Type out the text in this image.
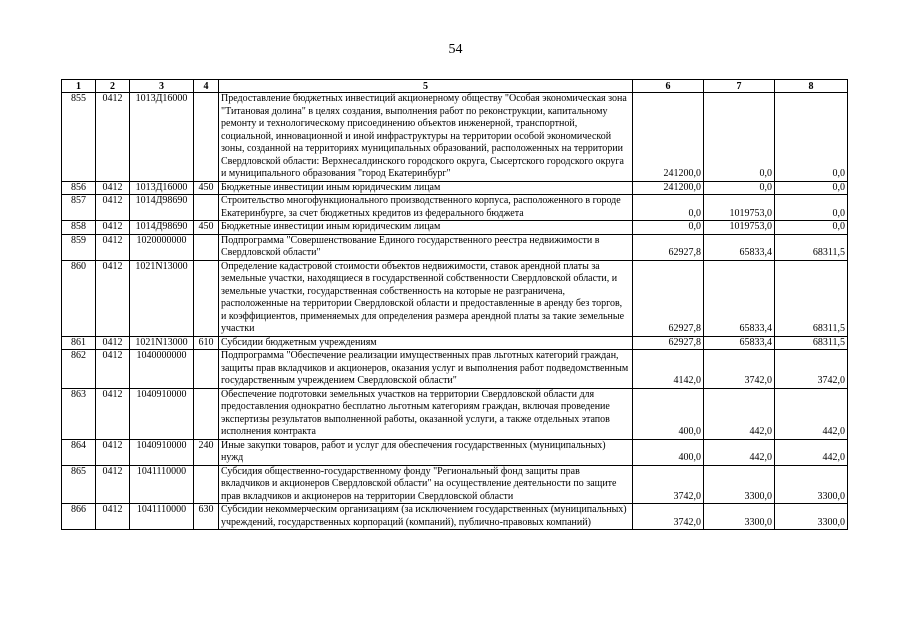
54
1	2	3	4	5	6	7	8
855	0412	1013Д16000		Предоставление бюджетных инвестиций акционерному обществу "Особая экономическая зона "Титановая долина" в целях создания, выполнения работ по реконструкции, капитальному ремонту и технологическому присоединению объектов инженерной, транспортной, социальной, инновационной и иной инфраструктуры на территории особой экономической зоны, созданной на территориях муниципальных образований, расположенных на территории Свердловской области: Верхнесалдинского городского округа, Сысертского городского округа и муниципального образования "город Екатеринбург"	241200,0	0,0	0,0
856	0412	1013Д16000	450	Бюджетные инвестиции иным юридическим лицам	241200,0	0,0	0,0
857	0412	1014Д98690		Строительство многофункционального производственного корпуса, расположенного в городе Екатеринбурге, за счет бюджетных кредитов из федерального бюджета	0,0	1019753,0	0,0
858	0412	1014Д98690	450	Бюджетные инвестиции иным юридическим лицам	0,0	1019753,0	0,0
859	0412	1020000000		Подпрограмма "Совершенствование Единого государственного реестра недвижимости в Свердловской области"	62927,8	65833,4	68311,5
860	0412	1021N13000		Определение кадастровой стоимости объектов недвижимости, ставок арендной платы за земельные участки, находящиеся в государственной собственности Свердловской области, и земельные участки, государственная собственность на которые не разграничена, расположенные на территории Свердловской области и предоставленные в аренду без торгов, и коэффициентов, применяемых для определения размера арендной платы за такие земельные участки	62927,8	65833,4	68311,5
861	0412	1021N13000	610	Субсидии бюджетным учреждениям	62927,8	65833,4	68311,5
862	0412	1040000000		Подпрограмма "Обеспечение реализации имущественных прав льготных категорий граждан, защиты прав вкладчиков и акционеров, оказания услуг и выполнения работ подведомственным государственным учреждением Свердловской области"	4142,0	3742,0	3742,0
863	0412	1040910000		Обеспечение подготовки земельных участков на территории Свердловской области для предоставления однократно бесплатно льготным категориям граждан, включая проведение экспертизы результатов выполненной работы, оказанной услуги, а также отдельных этапов исполнения контракта	400,0	442,0	442,0
864	0412	1040910000	240	Иные закупки товаров, работ и услуг для обеспечения государственных (муниципальных) нужд	400,0	442,0	442,0
865	0412	1041110000		Субсидия общественно-государственному фонду "Региональный фонд защиты прав вкладчиков и акционеров Свердловской области" на осуществление деятельности по защите прав вкладчиков и акционеров на территории Свердловской области	3742,0	3300,0	3300,0
866	0412	1041110000	630	Субсидии некоммерческим организациям (за исключением государственных (муниципальных) учреждений, государственных корпораций (компаний), публично-правовых компаний)	3742,0	3300,0	3300,0
